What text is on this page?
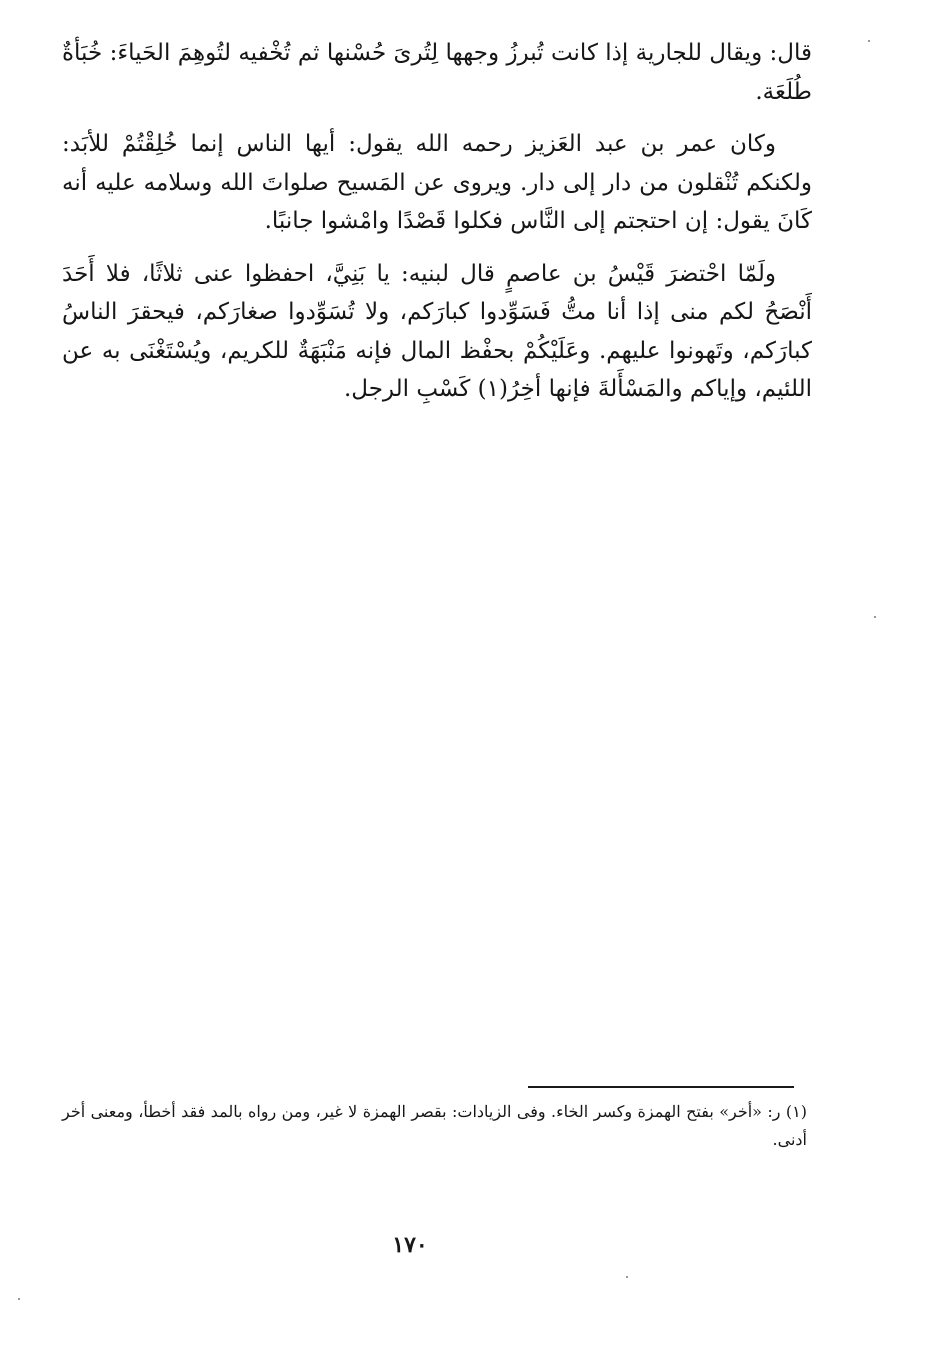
قال: ويقال للجارية إذا كانت تُبرزُ وجهها لِتُرىَ حُسْنها ثم تُخْفيه لتُوهِمَ الحَياءَ: خُبَأةٌ طُلَعَة.

وكان عمر بن عبد العَزيز رحمه الله يقول: أيها الناس إنما خُلِقْتُمْ للأبَد: ولكنكم تُنْقلون من دار إلى دار. ويروى عن المَسيح صلواتَ الله وسلامه عليه أنه كَانَ يقول: إن احتجتم إلى النَّاس فكلوا قَصْدًا وامْشوا جانبًا.

ولَمّا احْتضرَ قَيْسُ بن عاصمٍ قال لبنيه: يا بَنِيَّ، احفظوا عنى ثلاثًا، فلا أَحَدَ أَنْصَحُ لكم منى إذا أنا متُّ فَسَوِّدوا كبارَكم، ولا تُسَوِّدوا صغارَكم، فيحقرَ الناسُ كبارَكم، وتَهونوا عليهم. وعَلَيْكُمْ بحفْظ المال فإنه مَنْبَهَةٌ للكريم، ويُسْتَغْنَى به عن اللئيم، وإياكم والمَسْأَلةَ فإنها أخِرُ(١) كَسْبِ الرجل.

(١) ر: «أخر» بفتح الهمزة وكسر الخاء. وفى الزيادات: بقصر الهمزة لا غير، ومن رواه بالمد فقد أخطأ، ومعنى أخر أدنى.

١٧٠
